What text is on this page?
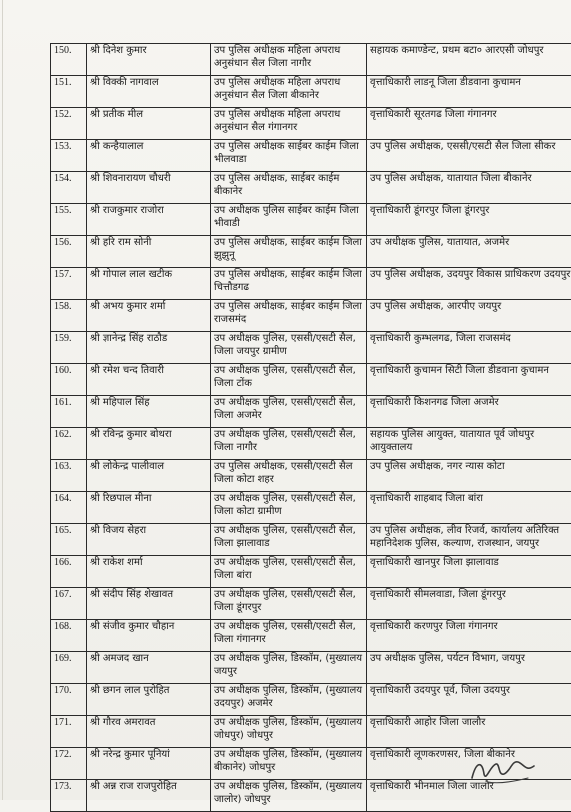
150.	श्री दिनेश कुमार	उप पुलिस अधीक्षक महिला अपराध अनुसंधान सैल जिला नागौर	सहायक कमाण्डेन्ट, प्रथम बटा० आरएसी जोधपुर

151.	श्री विक्की नागवाल	उप पुलिस अधीक्षक महिला अपराध अनुसंधान सैल जिला बीकानेर	वृत्ताधिकारी लाडनू जिला डीडवाना कुचामन

152.	श्री प्रतीक मील	उप पुलिस अधीक्षक महिला अपराध अनुसंधान सैल गंगानगर	वृत्ताधिकारी सूरतगढ जिला गंगानगर

153.	श्री कन्हैयालाल	उप पुलिस अधीक्षक साईबर काईम जिला भीलवाडा	उप पुलिस अधीक्षक, एससी/एसटी सैल जिला सीकर

154.	श्री शिवनारायण चौधरी	उप पुलिस अधीक्षक, साईबर काईम बीकानेर	उप पुलिस अधीक्षक, यातायात जिला बीकानेर

155.	श्री राजकुमार राजोरा	उप अधीक्षक पुलिस साईबर काईम जिला भीवाडी	वृत्ताधिकारी डूंगरपुर जिला डूंगरपुर

156.	श्री हरि राम सोनी	उप पुलिस अधीक्षक, साईबर काईम जिला झुझुनू	उप अधीक्षक पुलिस, यातायात, अजमेर

157.	श्री गोपाल लाल खटीक	उप पुलिस अधीक्षक, साईबर काईम जिला चित्तौडगढ	उप पुलिस अधीक्षक, उदयपुर विकास प्राधिकरण उदयपुर

158.	श्री अभय कुमार शर्मा	उप पुलिस अधीक्षक, साईबर काईम जिला राजसमंद	उप पुलिस अधीक्षक, आरपीए जयपुर

159.	श्री ज्ञानेन्द्र सिंह राठौड	उप अधीक्षक पुलिस, एससी/एसटी सैल, जिला जयपुर ग्रामीण	वृत्ताधिकारी कुम्भलगढ, जिला राजसमंद

160.	श्री रमेश चन्द तिवारी	उप अधीक्षक पुलिस, एससी/एसटी सैल, जिला टोंक	वृत्ताधिकारी कुचामन सिटी जिला डीडवाना कुचामन

161.	श्री महिपाल सिंह	उप अधीक्षक पुलिस, एससी/एसटी सैल, जिला अजमेर	वृत्ताधिकारी किशनगढ जिला अजमेर

162.	श्री रविन्द्र कुमार बोथरा	उप अधीक्षक पुलिस, एससी/एसटी सैल, जिला नागौर	सहायक पुलिस आयुक्त, यातायात पूर्व जोधपुर आयुक्तालय

163.	श्री लोकेन्द्र पालीवाल	उप पुलिस अधीक्षक, एससी/एसटी सैल जिला कोटा शहर	उप पुलिस अधीक्षक, नगर न्यास कोटा

164.	श्री रिछपाल मीना	उप अधीक्षक पुलिस, एससी/एसटी सैल, जिला कोटा ग्रामीण	वृत्ताधिकारी शाहबाद जिला बांरा

165.	श्री विजय सेहरा	उप अधीक्षक पुलिस, एससी/एसटी सैल, जिला झालावाड	उप पुलिस अधीक्षक, लीव रिजर्व, कार्यालय अतिरिक्त महानिदेशक पुलिस, कल्याण, राजस्थान, जयपुर

166.	श्री राकेश शर्मा	उप अधीक्षक पुलिस, एससी/एसटी सैल, जिला बांरा	वृत्ताधिकारी खानपुर जिला झालावाड

167.	श्री संदीप सिंह शेखावत	उप अधीक्षक पुलिस, एससी/एसटी सैल, जिला डूंगरपुर	वृत्ताधिकारी सीमलवाडा, जिला डूंगरपुर

168.	श्री संजीव कुमार चौहान	उप अधीक्षक पुलिस, एससी/एसटी सैल, जिला गंगानगर	वृत्ताधिकारी करणपुर जिला गंगानगर

169.	श्री अमजद खान	उप अधीक्षक पुलिस, डिस्कॉम, (मुख्यालय जयपुर	उप अधीक्षक पुलिस, पर्यटन विभाग, जयपुर

170.	श्री छगन लाल पुरोहित	उप अधीक्षक पुलिस, डिस्कॉम, (मुख्यालय उदयपुर) अजमेर	वृत्ताधिकारी उदयपुर पूर्व, जिला उदयपुर

171.	श्री गौरव अमरावत	उप अधीक्षक पुलिस, डिस्कॉम, (मुख्यालय जोधपुर) जोधपुर	वृत्ताधिकारी आहोर जिला जालौर

172.	श्री नरेन्द्र कुमार पूनियां	उप अधीक्षक पुलिस, डिस्कॉम, (मुख्यालय बीकानेर) जोधपुर	वृत्ताधिकारी लूणकरणसर, जिला बीकानेर

173.	श्री अन्न राज राजपुरोहित	उप अधीक्षक पुलिस, डिस्कॉम, (मुख्यालय जालोर) जोधपुर	वृत्ताधिकारी भीनमाल जिला जालौर
